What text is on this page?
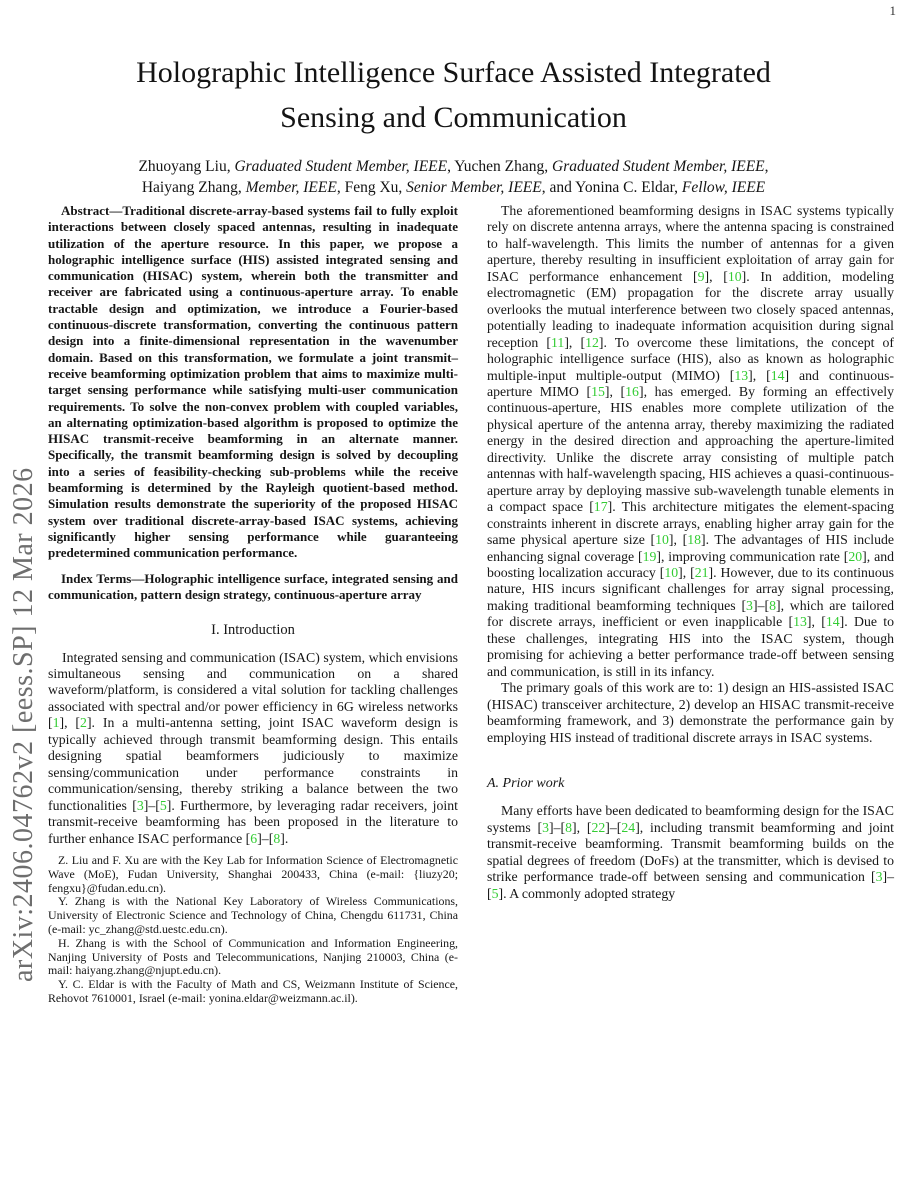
1
arXiv:2406.04762v2 [eess.SP] 12 Mar 2026
Holographic Intelligence Surface Assisted Integrated
Sensing and Communication
Zhuoyang Liu, Graduated Student Member, IEEE, Yuchen Zhang, Graduated Student Member, IEEE,
Haiyang Zhang, Member, IEEE, Feng Xu, Senior Member, IEEE, and Yonina C. Eldar, Fellow, IEEE

Abstract—Traditional discrete-array-based systems fail to fully exploit interactions between closely spaced antennas, resulting in inadequate utilization of the aperture resource. In this paper, we propose a holographic intelligence surface (HIS) assisted integrated sensing and communication (HISAC) system, wherein both the transmitter and receiver are fabricated using a continuous-aperture array. To enable tractable design and optimization, we introduce a Fourier-based continuous-discrete transformation, converting the continuous pattern design into a finite-dimensional representation in the wavenumber domain. Based on this transformation, we formulate a joint transmit–receive beamforming optimization problem that aims to maximize multi-target sensing performance while satisfying multi-user communication requirements. To solve the non-convex problem with coupled variables, an alternating optimization-based algorithm is proposed to optimize the HISAC transmit-receive beamforming in an alternate manner. Specifically, the transmit beamforming design is solved by decoupling into a series of feasibility-checking sub-problems while the receive beamforming is determined by the Rayleigh quotient-based method. Simulation results demonstrate the superiority of the proposed HISAC system over traditional discrete-array-based ISAC systems, achieving significantly higher sensing performance while guaranteeing predetermined communication performance.

Index Terms—Holographic intelligence surface, integrated sensing and communication, pattern design strategy, continuous-aperture array

I. Introduction

Integrated sensing and communication (ISAC) system, which envisions simultaneous sensing and communication on a shared waveform/platform, is considered a vital solution for tackling challenges associated with spectral and/or power efficiency in 6G wireless networks [1], [2]. In a multi-antenna setting, joint ISAC waveform design is typically achieved through transmit beamforming design. This entails designing spatial beamformers judiciously to maximize sensing/communication under performance constraints in communication/sensing, thereby striking a balance between the two functionalities [3]–[5]. Furthermore, by leveraging radar receivers, joint transmit-receive beamforming has been proposed in the literature to further enhance ISAC performance [6]–[8].

Z. Liu and F. Xu are with the Key Lab for Information Science of Electromagnetic Wave (MoE), Fudan University, Shanghai 200433, China (e-mail: {liuzy20; fengxu}@fudan.edu.cn).

Y. Zhang is with the National Key Laboratory of Wireless Communications, University of Electronic Science and Technology of China, Chengdu 611731, China (e-mail: yc_zhang@std.uestc.edu.cn).

H. Zhang is with the School of Communication and Information Engineering, Nanjing University of Posts and Telecommunications, Nanjing 210003, China (e-mail: haiyang.zhang@njupt.edu.cn).

Y. C. Eldar is with the Faculty of Math and CS, Weizmann Institute of Science, Rehovot 7610001, Israel (e-mail: yonina.eldar@weizmann.ac.il).

The aforementioned beamforming designs in ISAC systems typically rely on discrete antenna arrays, where the antenna spacing is constrained to half-wavelength. This limits the number of antennas for a given aperture, thereby resulting in insufficient exploitation of array gain for ISAC performance enhancement [9], [10]. In addition, modeling electromagnetic (EM) propagation for the discrete array usually overlooks the mutual interference between two closely spaced antennas, potentially leading to inadequate information acquisition during signal reception [11], [12]. To overcome these limitations, the concept of holographic intelligence surface (HIS), also as known as holographic multiple-input multiple-output (MIMO) [13], [14] and continuous-aperture MIMO [15], [16], has emerged. By forming an effectively continuous-aperture, HIS enables more complete utilization of the physical aperture of the antenna array, thereby maximizing the radiated energy in the desired direction and approaching the aperture-limited directivity. Unlike the discrete array consisting of multiple patch antennas with half-wavelength spacing, HIS achieves a quasi-continuous-aperture array by deploying massive sub-wavelength tunable elements in a compact space [17]. This architecture mitigates the element-spacing constraints inherent in discrete arrays, enabling higher array gain for the same physical aperture size [10], [18]. The advantages of HIS include enhancing signal coverage [19], improving communication rate [20], and boosting localization accuracy [10], [21]. However, due to its continuous nature, HIS incurs significant challenges for array signal processing, making traditional beamforming techniques [3]–[8], which are tailored for discrete arrays, inefficient or even inapplicable [13], [14]. Due to these challenges, integrating HIS into the ISAC system, though promising for achieving a better performance trade-off between sensing and communication, is still in its infancy.

The primary goals of this work are to: 1) design an HIS-assisted ISAC (HISAC) transceiver architecture, 2) develop an HISAC transmit-receive beamforming framework, and 3) demonstrate the performance gain by employing HIS instead of traditional discrete arrays in ISAC systems.

A. Prior work

Many efforts have been dedicated to beamforming design for the ISAC systems [3]–[8], [22]–[24], including transmit beamforming and joint transmit-receive beamforming. Transmit beamforming builds on the spatial degrees of freedom (DoFs) at the transmitter, which is devised to strike performance trade-off between sensing and communication [3]–[5]. A commonly adopted strategy
